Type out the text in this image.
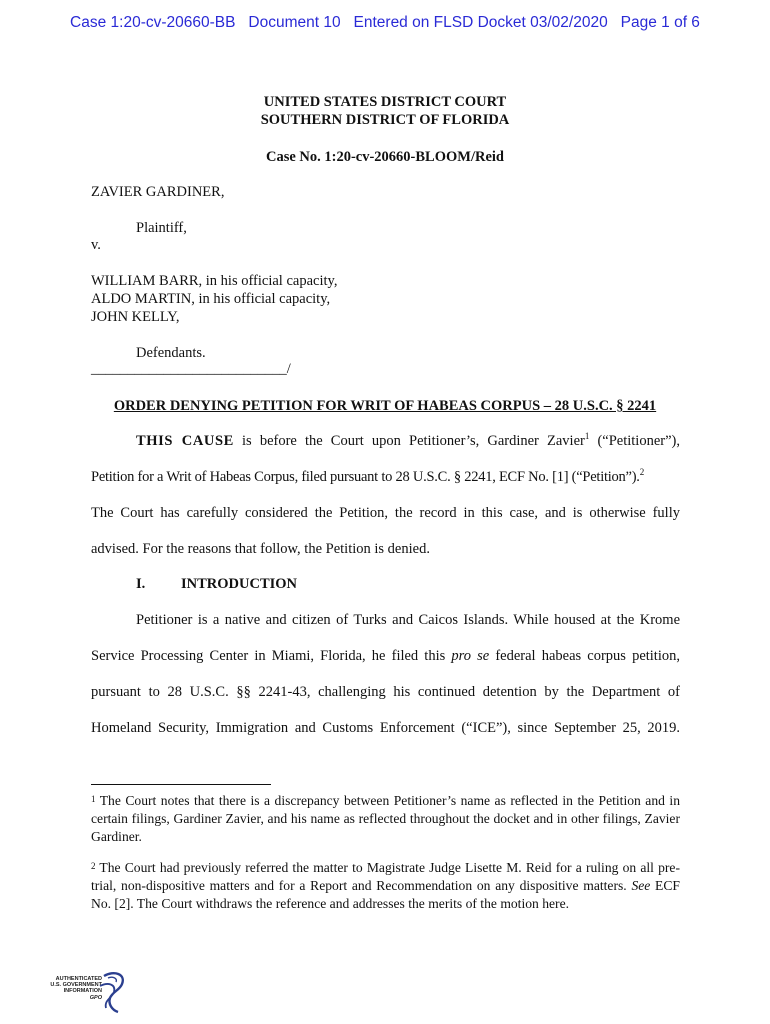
Case 1:20-cv-20660-BB Document 10 Entered on FLSD Docket 03/02/2020 Page 1 of 6
UNITED STATES DISTRICT COURT
SOUTHERN DISTRICT OF FLORIDA
Case No. 1:20-cv-20660-BLOOM/Reid
ZAVIER GARDINER,
Plaintiff,
v.
WILLIAM BARR, in his official capacity,
ALDO MARTIN, in his official capacity,
JOHN KELLY,
Defendants.
___________________________/
ORDER DENYING PETITION FOR WRIT OF HABEAS CORPUS – 28 U.S.C. § 2241
THIS CAUSE is before the Court upon Petitioner’s, Gardiner Zavier$^1$ (“Petitioner”),
Petition for a Writ of Habeas Corpus, filed pursuant to 28 U.S.C. § 2241, ECF No. [1] (“Petition”).$^2$
The Court has carefully considered the Petition, the record in this case, and is otherwise fully
advised. For the reasons that follow, the Petition is denied.
I. INTRODUCTION
Petitioner is a native and citizen of Turks and Caicos Islands. While housed at the Krome
Service Processing Center in Miami, Florida, he filed this pro se federal habeas corpus petition,
pursuant to 28 U.S.C. §§ 2241-43, challenging his continued detention by the Department of
Homeland Security, Immigration and Customs Enforcement (“ICE”), since September 25, 2019.
$^1$ The Court notes that there is a discrepancy between Petitioner’s name as reflected in the Petition and in certain filings, Gardiner Zavier, and his name as reflected throughout the docket and in other filings, Zavier Gardiner.
$^2$ The Court had previously referred the matter to Magistrate Judge Lisette M. Reid for a ruling on all pre-trial, non-dispositive matters and for a Report and Recommendation on any dispositive matters. See ECF No. [2]. The Court withdraws the reference and addresses the merits of the motion here.
AUTHENTICATED
U.S. GOVERNMENT
INFORMATION
GPO
